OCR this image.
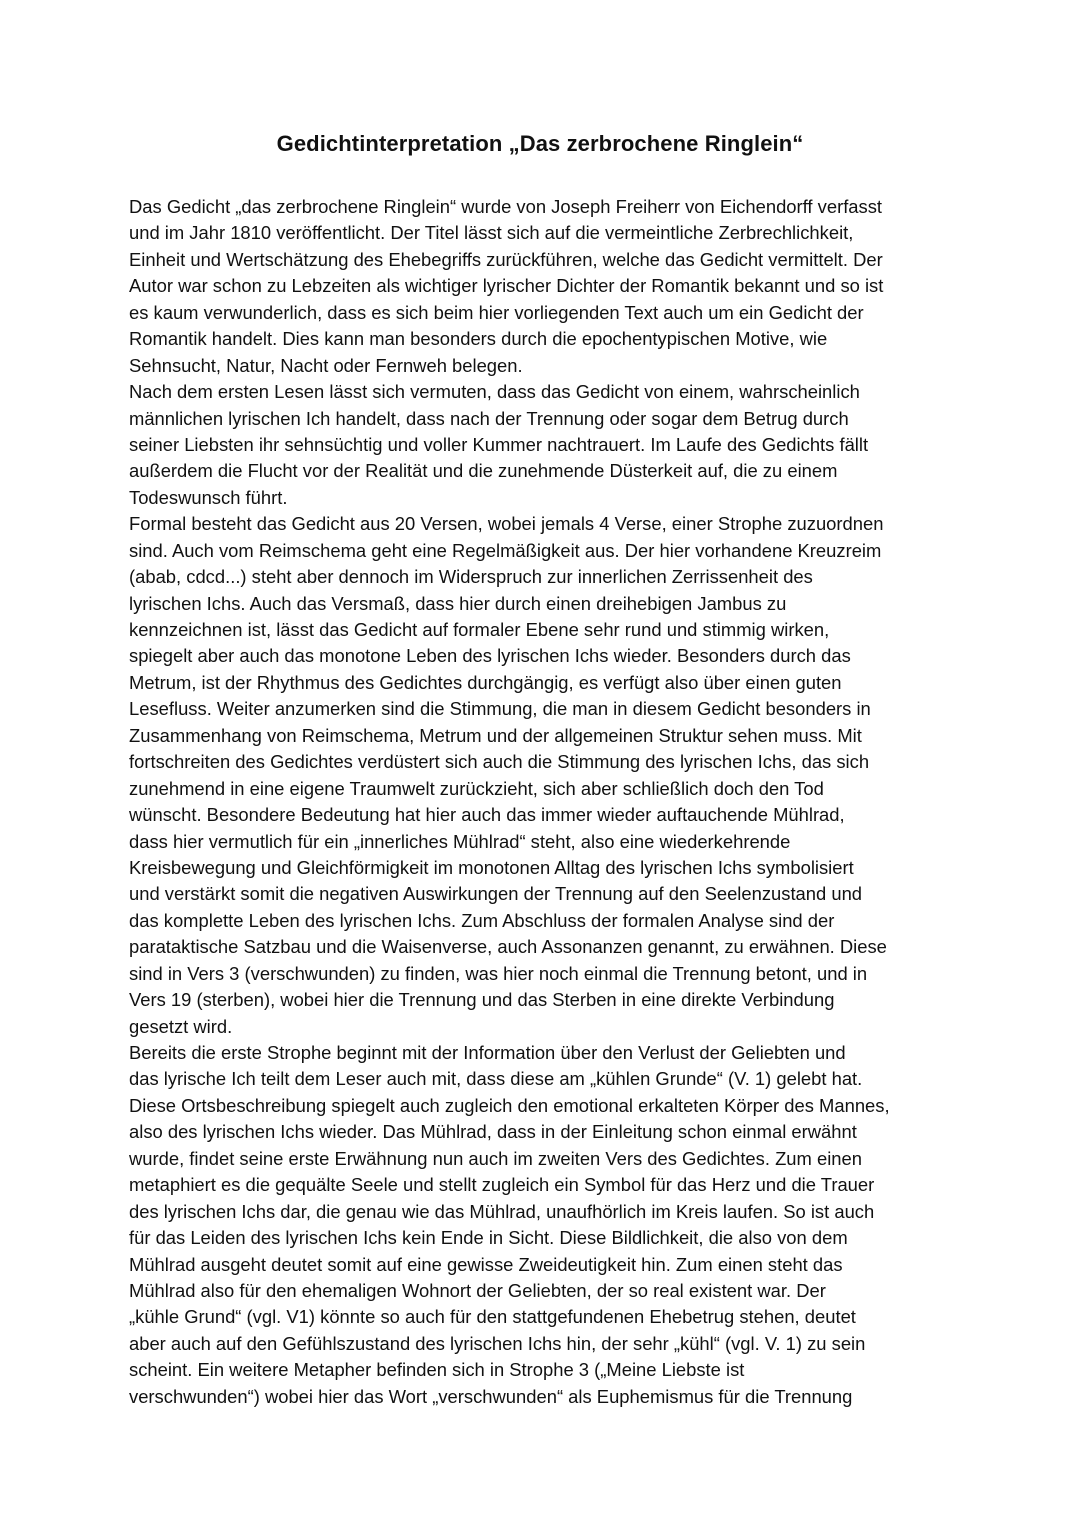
Gedichtinterpretation „Das zerbrochene Ringlein“
Das Gedicht „das zerbrochene Ringlein“ wurde von Joseph Freiherr von Eichendorff verfasst
und im Jahr 1810 veröffentlicht. Der Titel lässt sich auf die vermeintliche Zerbrechlichkeit,
Einheit und Wertschätzung des Ehebegriffs zurückführen, welche das Gedicht vermittelt. Der
Autor war schon zu Lebzeiten als wichtiger lyrischer Dichter der Romantik bekannt und so ist
es kaum verwunderlich, dass es sich beim hier vorliegenden Text auch um ein Gedicht der
Romantik handelt. Dies kann man besonders durch die epochentypischen Motive, wie
Sehnsucht, Natur, Nacht oder Fernweh belegen.
Nach dem ersten Lesen lässt sich vermuten, dass das Gedicht von einem, wahrscheinlich
männlichen lyrischen Ich handelt, dass nach der Trennung oder sogar dem Betrug durch
seiner Liebsten ihr sehnsüchtig und voller Kummer nachtrauert. Im Laufe des Gedichts fällt
außerdem die Flucht vor der Realität und die zunehmende Düsterkeit auf, die zu einem
Todeswunsch führt.
Formal besteht das Gedicht aus 20 Versen, wobei jemals 4 Verse, einer Strophe zuzuordnen
sind. Auch vom Reimschema geht eine Regelmäßigkeit aus. Der hier vorhandene Kreuzreim
(abab, cdcd...) steht aber dennoch im Widerspruch zur innerlichen Zerrissenheit des
lyrischen Ichs. Auch das Versmaß, dass hier durch einen dreihebigen Jambus zu
kennzeichnen ist, lässt das Gedicht auf formaler Ebene sehr rund und stimmig wirken,
spiegelt aber auch das monotone Leben des lyrischen Ichs wieder. Besonders durch das
Metrum, ist der Rhythmus des Gedichtes durchgängig, es verfügt also über einen guten
Lesefluss. Weiter anzumerken sind die Stimmung, die man in diesem Gedicht besonders in
Zusammenhang von Reimschema, Metrum und der allgemeinen Struktur sehen muss. Mit
fortschreiten des Gedichtes verdüstert sich auch die Stimmung des lyrischen Ichs, das sich
zunehmend in eine eigene Traumwelt zurückzieht, sich aber schließlich doch den Tod
wünscht. Besondere Bedeutung hat hier auch das immer wieder auftauchende Mühlrad,
dass hier vermutlich für ein „innerliches Mühlrad“ steht, also eine wiederkehrende
Kreisbewegung und Gleichförmigkeit im monotonen Alltag des lyrischen Ichs symbolisiert
und verstärkt somit die negativen Auswirkungen der Trennung auf den Seelenzustand und
das komplette Leben des lyrischen Ichs. Zum Abschluss der formalen Analyse sind der
parataktische Satzbau und die Waisenverse, auch Assonanzen genannt, zu erwähnen. Diese
sind in Vers 3 (verschwunden) zu finden, was hier noch einmal die Trennung betont, und in
Vers 19 (sterben), wobei hier die Trennung und das Sterben in eine direkte Verbindung
gesetzt wird.
Bereits die erste Strophe beginnt mit der Information über den Verlust der Geliebten und
das lyrische Ich teilt dem Leser auch mit, dass diese am „kühlen Grunde“ (V. 1) gelebt hat.
Diese Ortsbeschreibung spiegelt auch zugleich den emotional erkalteten Körper des Mannes,
also des lyrischen Ichs wieder. Das Mühlrad, dass in der Einleitung schon einmal erwähnt
wurde, findet seine erste Erwähnung nun auch im zweiten Vers des Gedichtes. Zum einen
metaphiert es die gequälte Seele und stellt zugleich ein Symbol für das Herz und die Trauer
des lyrischen Ichs dar, die genau wie das Mühlrad, unaufhörlich im Kreis laufen. So ist auch
für das Leiden des lyrischen Ichs kein Ende in Sicht. Diese Bildlichkeit, die also von dem
Mühlrad ausgeht deutet somit auf eine gewisse Zweideutigkeit hin. Zum einen steht das
Mühlrad also für den ehemaligen Wohnort der Geliebten, der so real existent war. Der
„kühle Grund“ (vgl. V1) könnte so auch für den stattgefundenen Ehebetrug stehen, deutet
aber auch auf den Gefühlszustand des lyrischen Ichs hin, der sehr „kühl“ (vgl. V. 1) zu sein
scheint. Ein weitere Metapher befinden sich in Strophe 3 („Meine Liebste ist
verschwunden“) wobei hier das Wort „verschwunden“ als Euphemismus für die Trennung
